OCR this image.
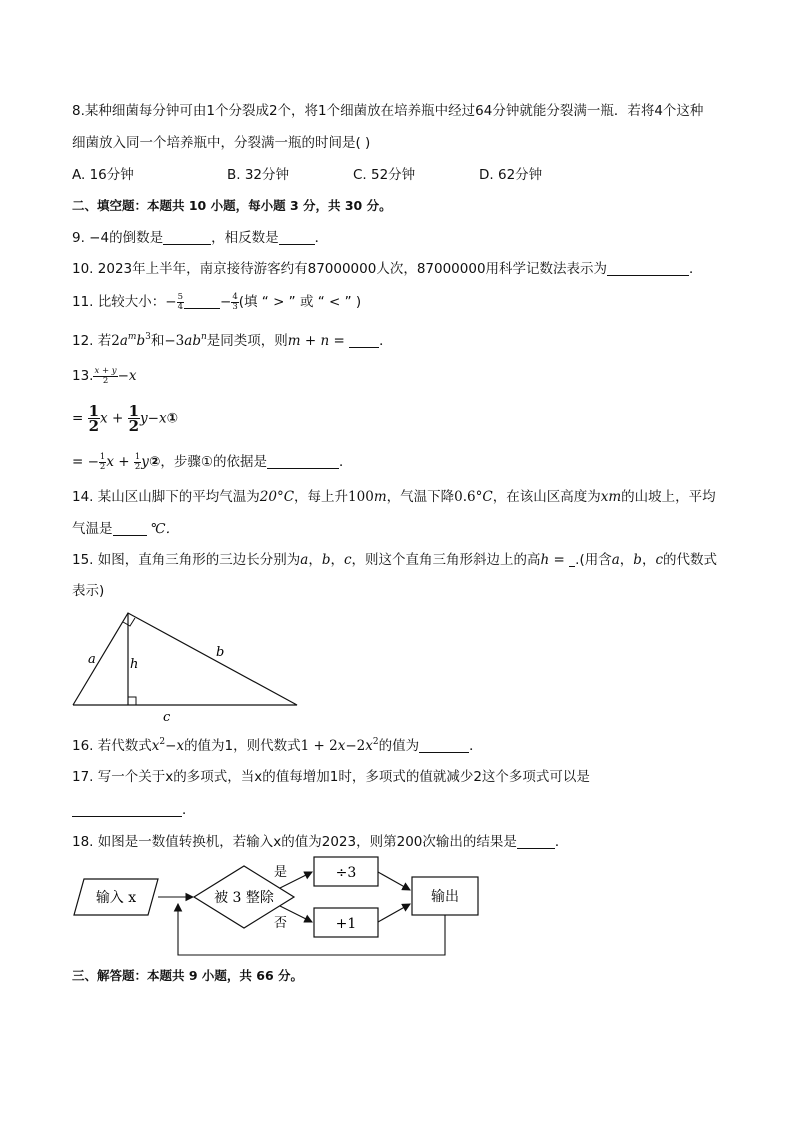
8.某种细菌每分钟可由1个分裂成2个，将1个细菌放在培养瓶中经过64分钟就能分裂满一瓶．若将4个这种
细菌放入同一个培养瓶中，分裂满一瓶的时间是( )
A. 16分钟	B. 32分钟	C. 52分钟	D. 62分钟
二、填空题：本题共 10 小题，每小题 3 分，共 30 分。
9. −4的倒数是	，相反数是	．
10. 2023年上半年，南京接待游客约有87000000人次，87000000用科学记数法表示为	．
11. 比较大小：− $\frac{5}{4}$	− $\frac{4}{3}$ (填 “ > ” 或 “ < ” )
12. 若$2a^mb^3$和$-3ab^n$是同类项，则m + n = ．
13. $\frac{x + y}{2} -x$
= $\frac{1}{2}$ $x + \frac{1}{2}$ y−x①
= − $\frac{1}{2}$ $x + \frac{1}{2}$ y②，步骤①的依据是	．
14. 某山区山脚下的平均气温为20°C，每上升100m，气温下降0.6°C，在该山区高度为xm的山坡上，平均
气温是	℃．
15. 如图，直角三角形的三边长分别为a，b，c，则这个直角三角形斜边上的高h = .(用含a，b，c的代数式
表示)
a	b
c
h
16. 若代数式$x^2-x$的值为1，则代数式$1 + 2x-2x^2$的值为	．
17. 写一个关于x的多项式，当x的值每增加1时，多项式的值就减少2这个多项式可以是
．
18. 如图是一数值转换机，若输入x的值为2023，则第200次输出的结果是	．
输入 x	被 3 整除
是
否
÷3
+1
输出
三、解答题：本题共 9 小题，共 66 分。
